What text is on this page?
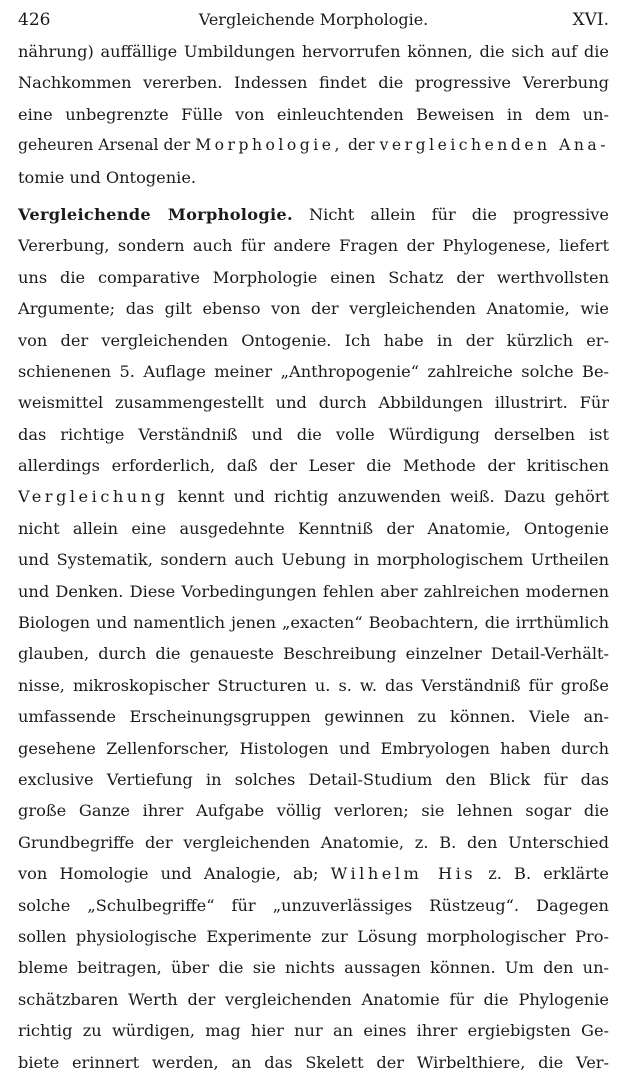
426	Vergleichende Morphologie.	XVI.
nährung) auffällige Umbildungen hervorrufen können, die sich auf die
Nachkommen vererben. Indessen findet die progressive Vererbung
eine unbegrenzte Fülle von einleuchtenden Beweisen in dem un-
geheuren Arsenal der Morphologie, der vergleichenden Ana-
tomie und Ontogenie.
Vergleichende Morphologie. Nicht allein für die progressive
Vererbung, sondern auch für andere Fragen der Phylogenese, liefert
uns die comparative Morphologie einen Schatz der werthvollsten
Argumente; das gilt ebenso von der vergleichenden Anatomie, wie
von der vergleichenden Ontogenie. Ich habe in der kürzlich er-
schienenen 5. Auflage meiner „Anthropogenie“ zahlreiche solche Be-
weismittel zusammengestellt und durch Abbildungen illustrirt. Für
das richtige Verständniß und die volle Würdigung derselben ist
allerdings erforderlich, daß der Leser die Methode der kritischen
Vergleichung kennt und richtig anzuwenden weiß. Dazu gehört
nicht allein eine ausgedehnte Kenntniß der Anatomie, Ontogenie
und Systematik, sondern auch Uebung in morphologischem Urtheilen
und Denken. Diese Vorbedingungen fehlen aber zahlreichen modernen
Biologen und namentlich jenen „exacten“ Beobachtern, die irrthümlich
glauben, durch die genaueste Beschreibung einzelner Detail-Verhält-
nisse, mikroskopischer Structuren u. s. w. das Verständniß für große
umfassende Erscheinungsgruppen gewinnen zu können. Viele an-
gesehene Zellenforscher, Histologen und Embryologen haben durch
exclusive Vertiefung in solches Detail-Studium den Blick für das
große Ganze ihrer Aufgabe völlig verloren; sie lehnen sogar die
Grundbegriffe der vergleichenden Anatomie, z. B. den Unterschied
von Homologie und Analogie, ab; Wilhelm His z. B. erklärte
solche „Schulbegriffe“ für „unzuverlässiges Rüstzeug“. Dagegen
sollen physiologische Experimente zur Lösung morphologischer Pro-
bleme beitragen, über die sie nichts aussagen können. Um den un-
schätzbaren Werth der vergleichenden Anatomie für die Phylogenie
richtig zu würdigen, mag hier nur an eines ihrer ergiebigsten Ge-
biete erinnert werden, an das Skelett der Wirbelthiere, die Ver-
